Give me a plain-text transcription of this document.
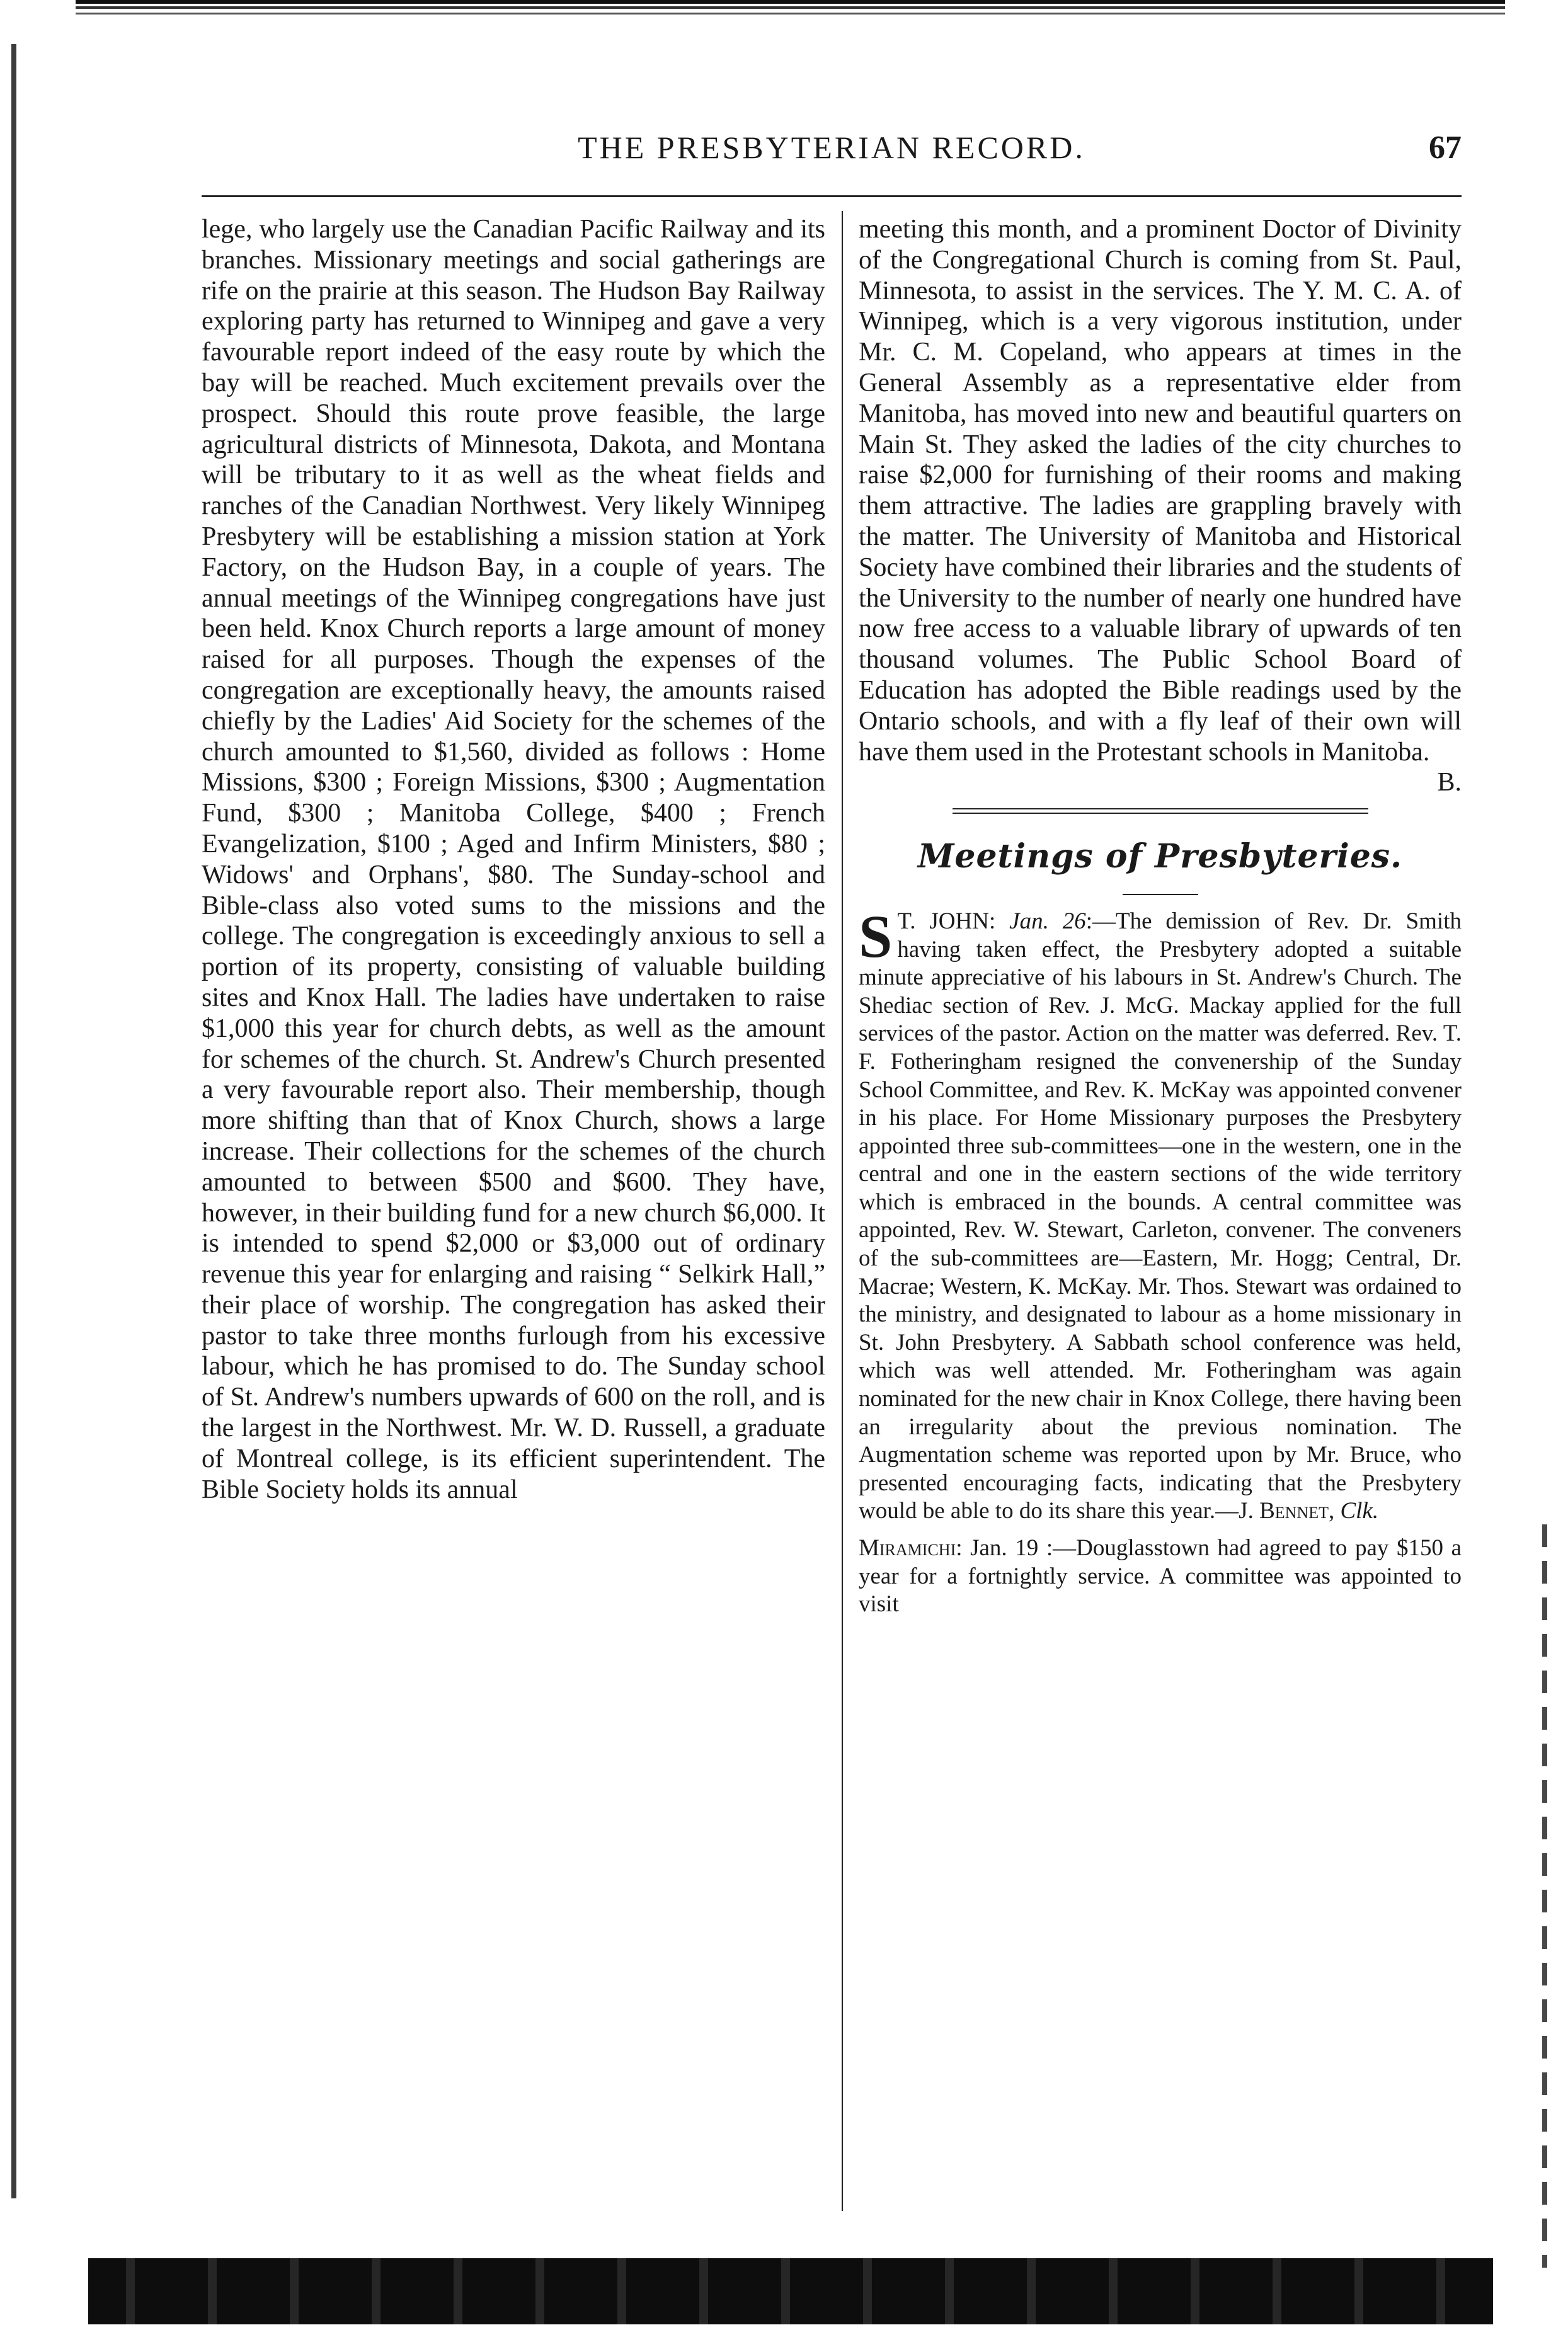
THE PRESBYTERIAN RECORD.	67

lege, who largely use the Canadian Pacific Railway and its branches. Missionary meetings and social gatherings are rife on the prairie at this season. The Hudson Bay Railway exploring party has returned to Winnipeg and gave a very favourable report indeed of the easy route by which the bay will be reached. Much excitement prevails over the prospect. Should this route prove feasible, the large agricultural districts of Minnesota, Dakota, and Montana will be tributary to it as well as the wheat fields and ranches of the Canadian Northwest. Very likely Winnipeg Presbytery will be establishing a mission station at York Factory, on the Hudson Bay, in a couple of years. The annual meetings of the Winnipeg congregations have just been held. Knox Church reports a large amount of money raised for all purposes. Though the expenses of the congregation are exceptionally heavy, the amounts raised chiefly by the Ladies' Aid Society for the schemes of the church amounted to $1,560, divided as follows : Home Missions, $300 ; Foreign Missions, $300 ; Augmentation Fund, $300 ; Manitoba College, $400 ; French Evangelization, $100 ; Aged and Infirm Ministers, $80 ; Widows' and Orphans', $80. The Sunday-school and Bible-class also voted sums to the missions and the college. The congregation is exceedingly anxious to sell a portion of its property, consisting of valuable building sites and Knox Hall. The ladies have undertaken to raise $1,000 this year for church debts, as well as the amount for schemes of the church. St. Andrew's Church presented a very favourable report also. Their membership, though more shifting than that of Knox Church, shows a large increase. Their collections for the schemes of the church amounted to between $500 and $600. They have, however, in their building fund for a new church $6,000. It is intended to spend $2,000 or $3,000 out of ordinary revenue this year for enlarging and raising “ Selkirk Hall,” their place of worship. The congregation has asked their pastor to take three months furlough from his excessive labour, which he has promised to do. The Sunday school of St. Andrew's numbers upwards of 600 on the roll, and is the largest in the Northwest. Mr. W. D. Russell, a graduate of Montreal college, is its efficient superintendent. The Bible Society holds its annual

meeting this month, and a prominent Doctor of Divinity of the Congregational Church is coming from St. Paul, Minnesota, to assist in the services. The Y. M. C. A. of Winnipeg, which is a very vigorous institution, under Mr. C. M. Copeland, who appears at times in the General Assembly as a representative elder from Manitoba, has moved into new and beautiful quarters on Main St. They asked the ladies of the city churches to raise $2,000 for furnishing of their rooms and making them attractive. The ladies are grappling bravely with the matter. The University of Manitoba and Historical Society have combined their libraries and the students of the University to the number of nearly one hundred have now free access to a valuable library of upwards of ten thousand volumes. The Public School Board of Education has adopted the Bible readings used by the Ontario schools, and with a fly leaf of their own will have them used in the Protestant schools in Manitoba.

B.
Meetings of Presbyteries.

S T. JOHN: Jan. 26:—The demission of Rev. Dr. Smith having taken effect, the Presbytery adopted a suitable minute appreciative of his labours in St. Andrew's Church. The Shediac section of Rev. J. McG. Mackay applied for the full services of the pastor. Action on the matter was deferred. Rev. T. F. Fotheringham resigned the convenership of the Sunday School Committee, and Rev. K. McKay was appointed convener in his place. For Home Missionary purposes the Presbytery appointed three sub-committees—one in the western, one in the central and one in the eastern sections of the wide territory which is embraced in the bounds. A central committee was appointed, Rev. W. Stewart, Carleton, convener. The conveners of the sub-committees are—Eastern, Mr. Hogg; Central, Dr. Macrae; Western, K. McKay. Mr. Thos. Stewart was ordained to the ministry, and designated to labour as a home missionary in St. John Presbytery. A Sabbath school conference was held, which was well attended. Mr. Fotheringham was again nominated for the new chair in Knox College, there having been an irregularity about the previous nomination. The Augmentation scheme was reported upon by Mr. Bruce, who presented encouraging facts, indicating that the Presbytery would be able to do its share this year.—J. Bennet, Clk.

Miramichi: Jan. 19 :—Douglasstown had agreed to pay $150 a year for a fortnightly service. A committee was appointed to visit
